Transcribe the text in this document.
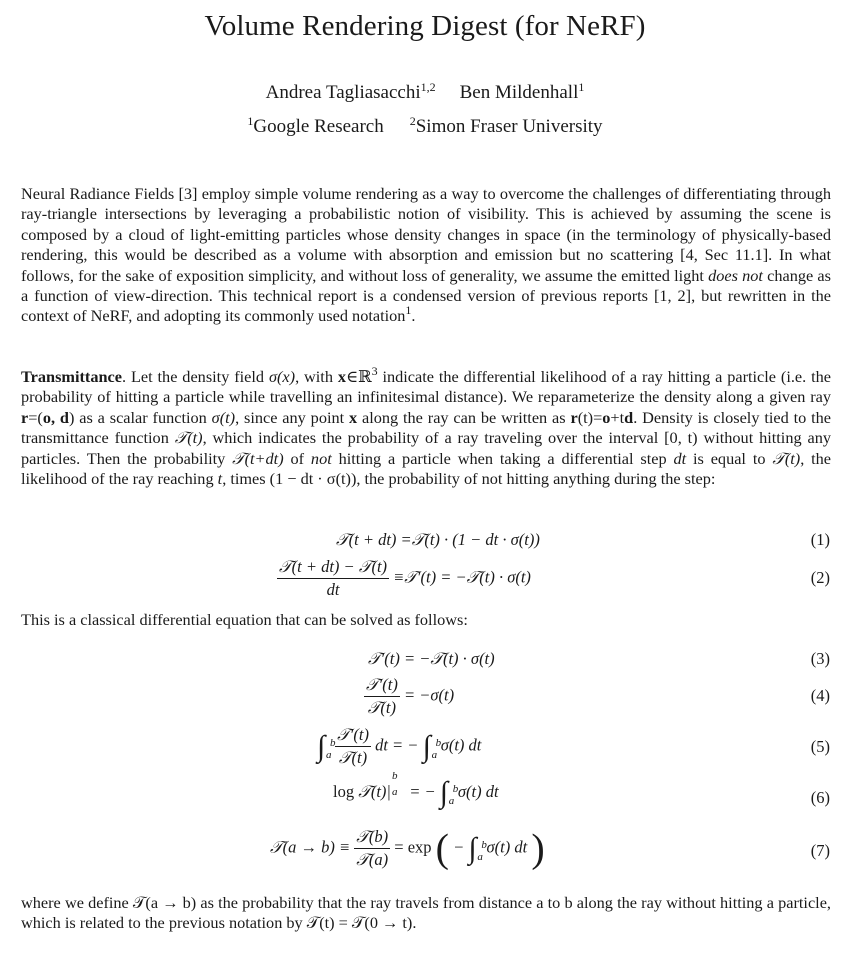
Volume Rendering Digest (for NeRF)
Andrea Tagliasacchi$^{1,2}$ Ben Mildenhall$^1$
$^1$Google Research $^2$Simon Fraser University
Neural Radiance Fields [3] employ simple volume rendering as a way to overcome the challenges of differentiating through ray-triangle intersections by leveraging a probabilistic notion of visibility. This is achieved by assuming the scene is composed by a cloud of light-emitting particles whose density changes in space (in the terminology of physically-based rendering, this would be described as a volume with absorption and emission but no scattering [4, Sec 11.1]. In what follows, for the sake of exposition simplicity, and without loss of generality, we assume the emitted light does not change as a function of view-direction. This technical report is a condensed version of previous reports [1, 2], but rewritten in the context of NeRF, and adopting its commonly used notation$^1$.
Transmittance. Let the density field σ(x), with x∈ℝ$^3$ indicate the differential likelihood of a ray hitting a particle (i.e. the probability of hitting a particle while travelling an infinitesimal distance). We reparameterize the density along a given ray r=(o, d) as a scalar function σ(t), since any point x along the ray can be written as r(t)=o+td. Density is closely tied to the transmittance function 𝒯(t), which indicates the probability of a ray traveling over the interval [0, t) without hitting any particles. Then the probability 𝒯(t+dt) of not hitting a particle when taking a differential step dt is equal to 𝒯(t), the likelihood of the ray reaching t, times (1 − dt · σ(t)), the probability of not hitting anything during the step:
𝒯(t + dt) =𝒯(t) · (1 − dt · σ(t))	(1)
$\frac{\text{𝒯(t + dt) − 𝒯(t)}}{dt}$ ≡𝒯′(t) = −𝒯(t) · σ(t)	(2)
This is a classical differential equation that can be solved as follows:
𝒯′(t) = −𝒯(t) · σ(t)	(3)
$\frac{\text{𝒯′(t)}}{\text{𝒯(t)}} = -\sigma(t)$	(4)
∫ b
a
$\frac{\text{𝒯′(t)}}{\text{𝒯(t)}}$ dt = − ∫ b
a
σ(t) dt	(5)
log 𝒯(t)|
b
a = − ∫ b
a
σ(t) dt	(6)
𝒯(a → $b) \equiv \frac{\text{𝒯(b)}}{\text{𝒯(a)}} = \exp$ ( − ∫ b
a
σ(t) dt )	(7)
where we define 𝒯(a → b) as the probability that the ray travels from distance a to b along the ray without hitting a particle, which is related to the previous notation by 𝒯(t) = 𝒯(0 → t).
